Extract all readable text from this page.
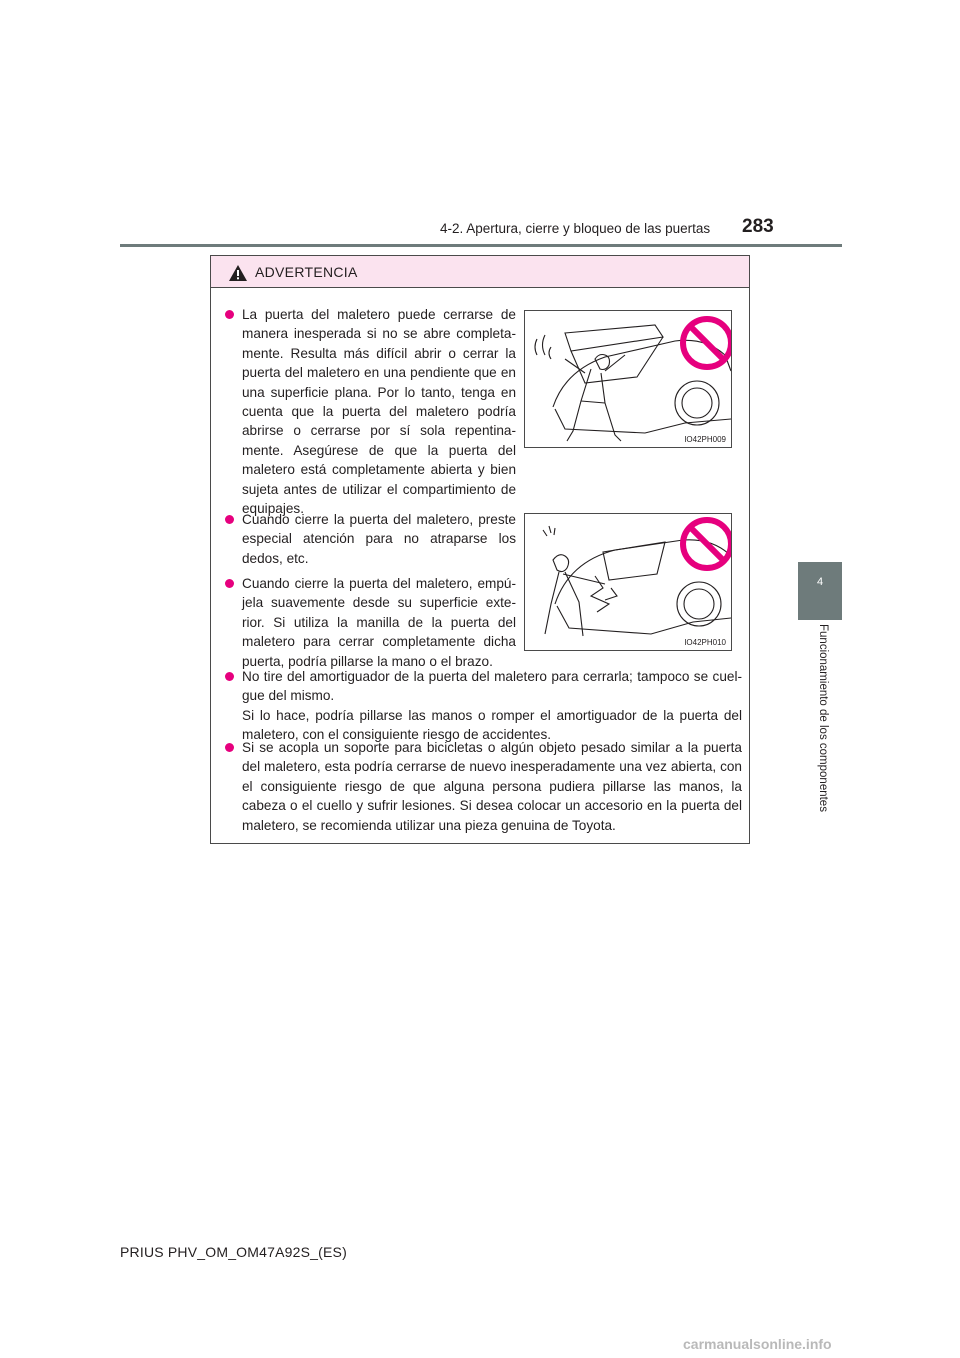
4-2. Apertura, cierre y bloqueo de las puertas 283
4
Funcionamiento de los componentes
ADVERTENCIA
La puerta del maletero puede cerrarse de manera inesperada si no se abre completa-mente. Resulta más difícil abrir o cerrar la puerta del maletero en una pendiente que en una superficie plana. Por lo tanto, tenga en cuenta que la puerta del maletero podría abrirse o cerrarse por sí sola repentina-mente. Asegúrese de que la puerta del maletero está completamente abierta y bien sujeta antes de utilizar el compartimiento de equipajes.
IO42PH009
Cuando cierre la puerta del maletero, preste especial atención para no atraparse los dedos, etc.
Cuando cierre la puerta del maletero, empú-jela suavemente desde su superficie exte-rior. Si utiliza la manilla de la puerta del maletero para cerrar completamente dicha puerta, podría pillarse la mano o el brazo.
IO42PH010
No tire del amortiguador de la puerta del maletero para cerrarla; tampoco se cuel-gue del mismo.
Si lo hace, podría pillarse las manos o romper el amortiguador de la puerta del maletero, con el consiguiente riesgo de accidentes.
Si se acopla un soporte para bicicletas o algún objeto pesado similar a la puerta del maletero, esta podría cerrarse de nuevo inesperadamente una vez abierta, con el consiguiente riesgo de que alguna persona pudiera pillarse las manos, la cabeza o el cuello y sufrir lesiones. Si desea colocar un accesorio en la puerta del maletero, se recomienda utilizar una pieza genuina de Toyota.
PRIUS PHV_OM_OM47A92S_(ES)
carmanualsonline.info
